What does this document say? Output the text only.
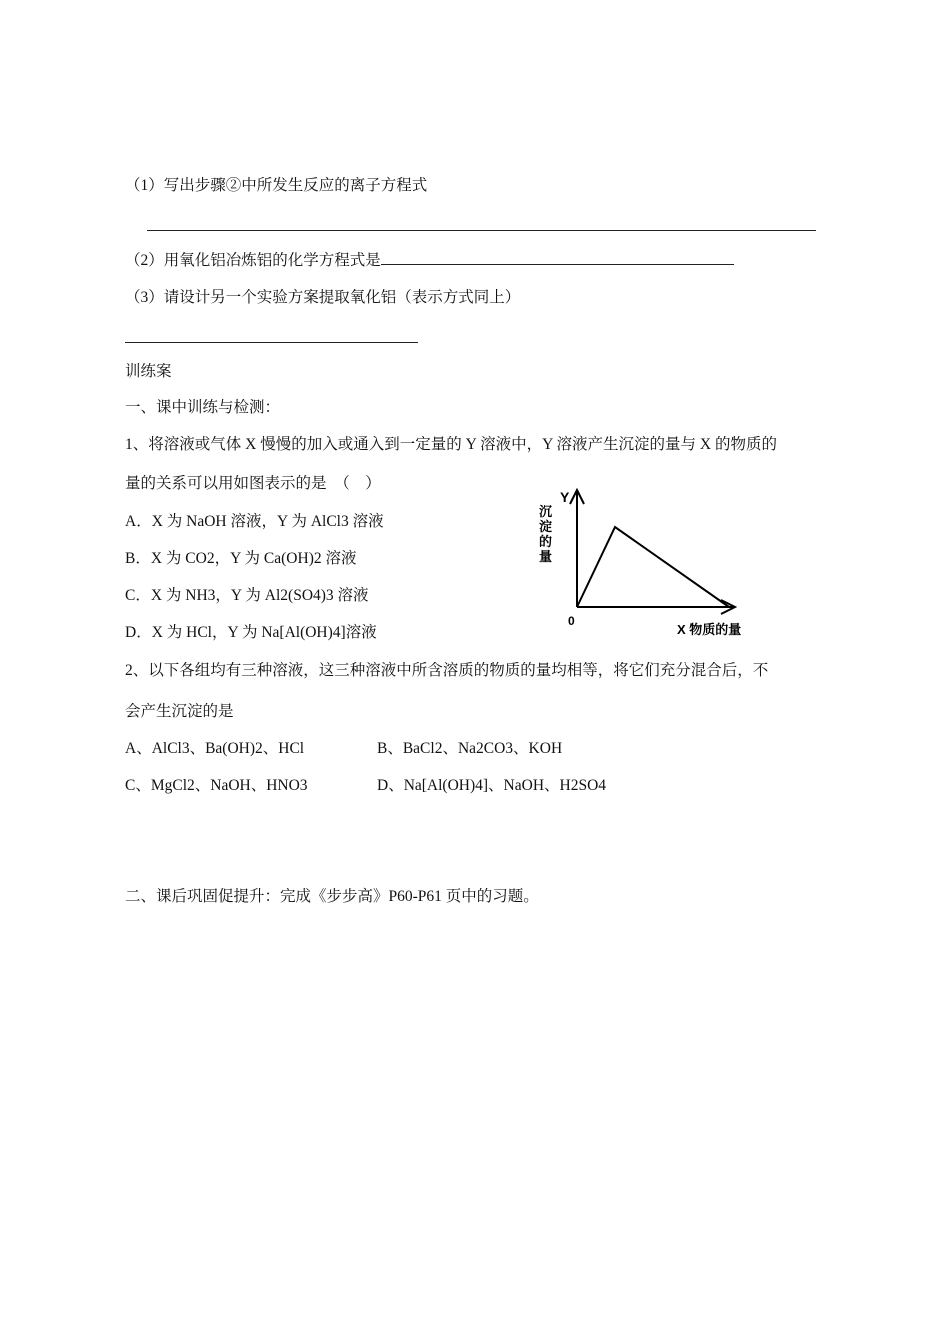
（1）写出步骤②中所发生反应的离子方程式
（2）用氧化铝冶炼铝的化学方程式是
（3）请设计另一个实验方案提取氧化铝（表示方式同上）
训练案
一、课中训练与检测：
1、将溶液或气体 X 慢慢的加入或通入到一定量的 Y 溶液中，Y 溶液产生沉淀的量与 X 的物质的
量的关系可以用如图表示的是　（　）
A．X 为 NaOH 溶液，Y 为 AlCl3 溶液
B．X 为 CO2，Y 为 Ca(OH)2 溶液
C．X 为 NH3，Y 为 Al2(SO4)3 溶液
D．X 为 HCl，Y 为 Na[Al(OH)4]溶液
Y
沉淀的量
0
X 物质的量
2、以下各组均有三种溶液，这三种溶液中所含溶质的物质的量均相等，将它们充分混合后，不
会产生沉淀的是
A、AlCl3、Ba(OH)2、HCl	B、BaCl2、Na2CO3、KOH
C、MgCl2、NaOH、HNO3	D、Na[Al(OH)4]、NaOH、H2SO4
二、课后巩固促提升：完成《步步高》P60-P61 页中的习题。
